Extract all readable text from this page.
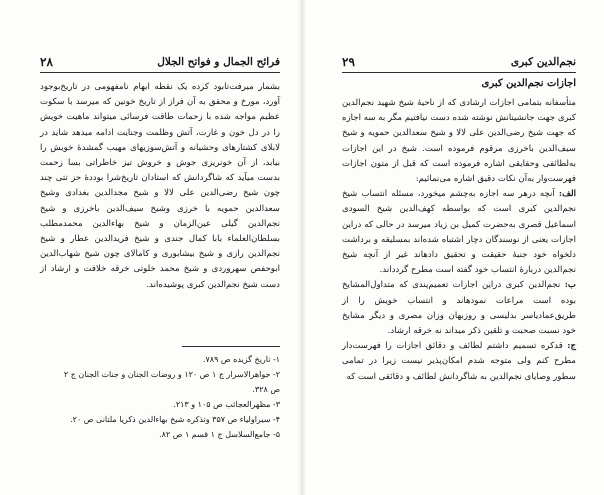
۲۸	فرائح الجمال و فواتح الجلال

بشمار میرفت‌تابود کرده یک نقطه ابهام نامفهومی در تاریخ‌بوجود آورد، مورخ و محقق به آن فراز از تاریخ خونین که میرسد با سکوت عظیم مواجه شده با زحمات طاقت فرسائی میتواند ماهیت خویش را در دل خون و غارت، آتش وظلمت وجنایت ادامه میدهد شاید در لابلای کشتارهای وحشیانه و آتش‌سوزیهای مهیب گمشدهٔ خویش را بیابد، از آن خونریزی جوش و خروش تیز خاطراتی بسا زحمت بدست میآید که شاگردانش که استادان تاریخ‌شرا بوددهٔ حز تتی چند چون شیخ رضی‌الدین علی لالا و شیخ مجدالدین بغدادی وشیخ سعدالدین حمویه با خرزی وشیخ سیف‌الدین باخرزی و شیخ نجم‌الدین گیلی عین‌الزمان و شیخ بهاءالدین محمدمطلب بسلطان‌العلماء بابا کمال جندی و شیخ فریدالدین عطار و شیخ نجم‌الدین رازی و شیخ بیشابوری و کامالای چون شیخ شهاب‌الدین ابوحفص سهروردی و شیخ محمد خلوتی خرقه خلافت و ارشاد از دست شیخ نجم‌الدین کبری پوشیده‌اند.

۱- تاریخ گزیده ص ۷۸۹.
۲- جواهرالاسرار ج ۱ ص ۱۲۰ و روضات الجنان و جنات الجنان ج ۲
ص ۳۲۸.
۳- مظهرالعجائب ص ۱۰۵ و ۲۱۳.
۴- سیراولیاء ص ۳۵۷ وتذکره شیخ بهاءالدین ذکریا ملتانی ص ۲۰.
۵- جامع‌السلاسل ج ۱ قسم ۱ ص ۸۲.
۲۹	نجم‌الدین کبری
اجازات نجم‌الدین کبری

متأسفانه بتمامی اجازات ارشادی که از ناحیهٔ شیخ شهید نجم‌الدین کبری جهت جانشینانش نوشته شده دست نیافتیم مگر به سه اجازه که جهت شیخ رضی‌الدین علی لالا و شیخ سعدالدین حمویه و شیخ سیف‌الدین باخرزی مرقوم فرموده است. شیخ در این اجازات به‌لطائفی وحقایقی اشاره فرموده است که قبل از متون اجازات فهرست‌وار به‌آن نکات دقیق اشاره می‌نمائیم:

الف: آنچه درهر سه اجازه به‌چشم میخورد، مسئله انتساب شیخ نجم‌الدین کبری است که بواسطه کهف‌الدین شیخ السودی اسماعیل قصری به‌حضرت کمیل بن زیاد میرسد در حالی که دراین اجازات یعنی از نوسندگان دچار اشتباه شده‌اند بمسلیقه و برداشت دلخواه خود جنبهٔ حقیقت و تحقیق دادها‌ند غیر از آنچه شیخ نجم‌الدین دربارهٔ انتساب خود گفته است مطرح گردداند.

ب: نجم‌الدین کبری دراین اجازات تعمیم‌پندی که متداول‌المشایخ بوده است مراعات نمودهاند و انتساب خویش را از طریق‌عمادیاسر بدلیسی و روزبهان وزان مصری و دیگر مشایخ خود نسبت صحبت و تلقین ذکر میداند نه خرقه ارشاد.

ج: قدکره تسمیم داشتم لطائف و دقائق اجازات را فهرست‌دار مطرح کنم ولی متوجه شدم امکان‌پذیر نیست زیرا در تمامی سطور وصایای نجم‌الدین به شاگردانش لطائف و دقائقی است که
